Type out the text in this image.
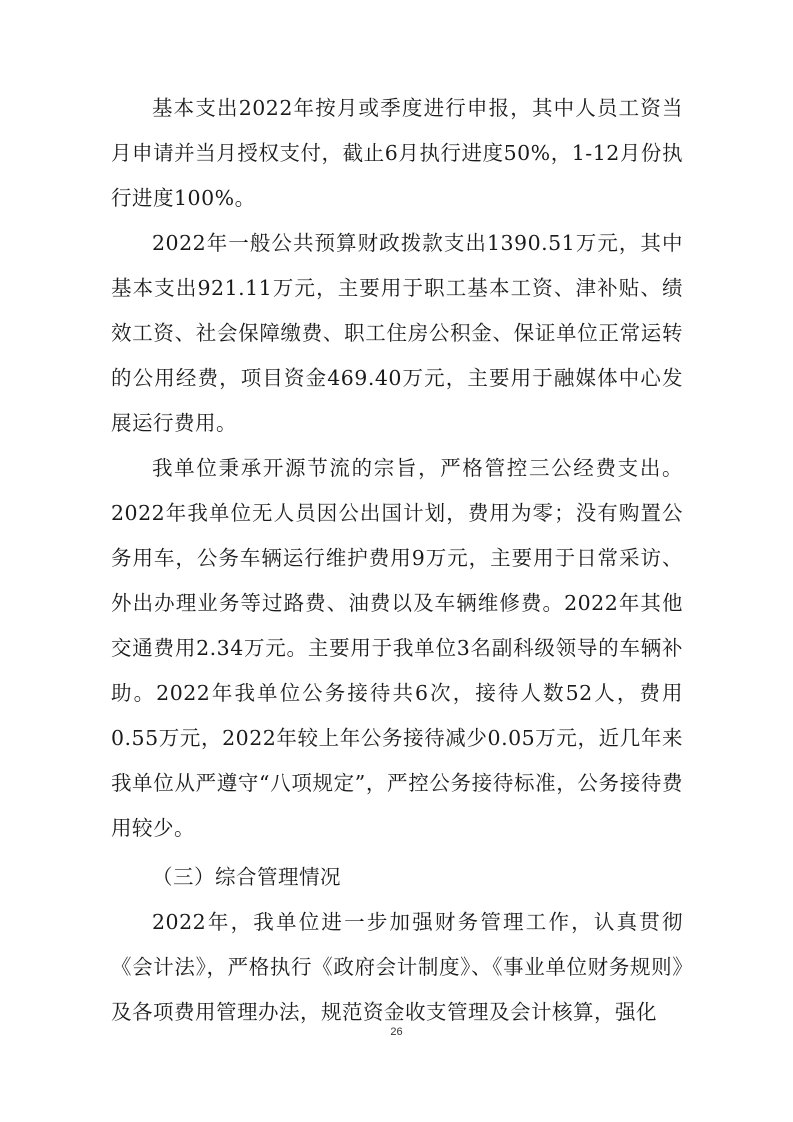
基本支出2022年按月或季度进行申报，其中人员工资当月申请并当月授权支付，截止6月执行进度50%，1-12月份执行进度100%。

2022年一般公共预算财政拨款支出1390.51万元，其中基本支出921.11万元，主要用于职工基本工资、津补贴、绩效工资、社会保障缴费、职工住房公积金、保证单位正常运转的公用经费，项目资金469.40万元，主要用于融媒体中心发展运行费用。

我单位秉承开源节流的宗旨，严格管控三公经费支出。2022年我单位无人员因公出国计划，费用为零；没有购置公务用车，公务车辆运行维护费用9万元，主要用于日常采访、外出办理业务等过路费、油费以及车辆维修费。2022年其他交通费用2.34万元。主要用于我单位3名副科级领导的车辆补助。2022年我单位公务接待共6次，接待人数52人，费用0.55万元，2022年较上年公务接待减少0.05万元，近几年来我单位从严遵守“八项规定”，严控公务接待标准，公务接待费用较少。

（三）综合管理情况

2022年，我单位进一步加强财务管理工作，认真贯彻《会计法》，严格执行《政府会计制度》、《事业单位财务规则》及各项费用管理办法，规范资金收支管理及会计核算，强化

26
